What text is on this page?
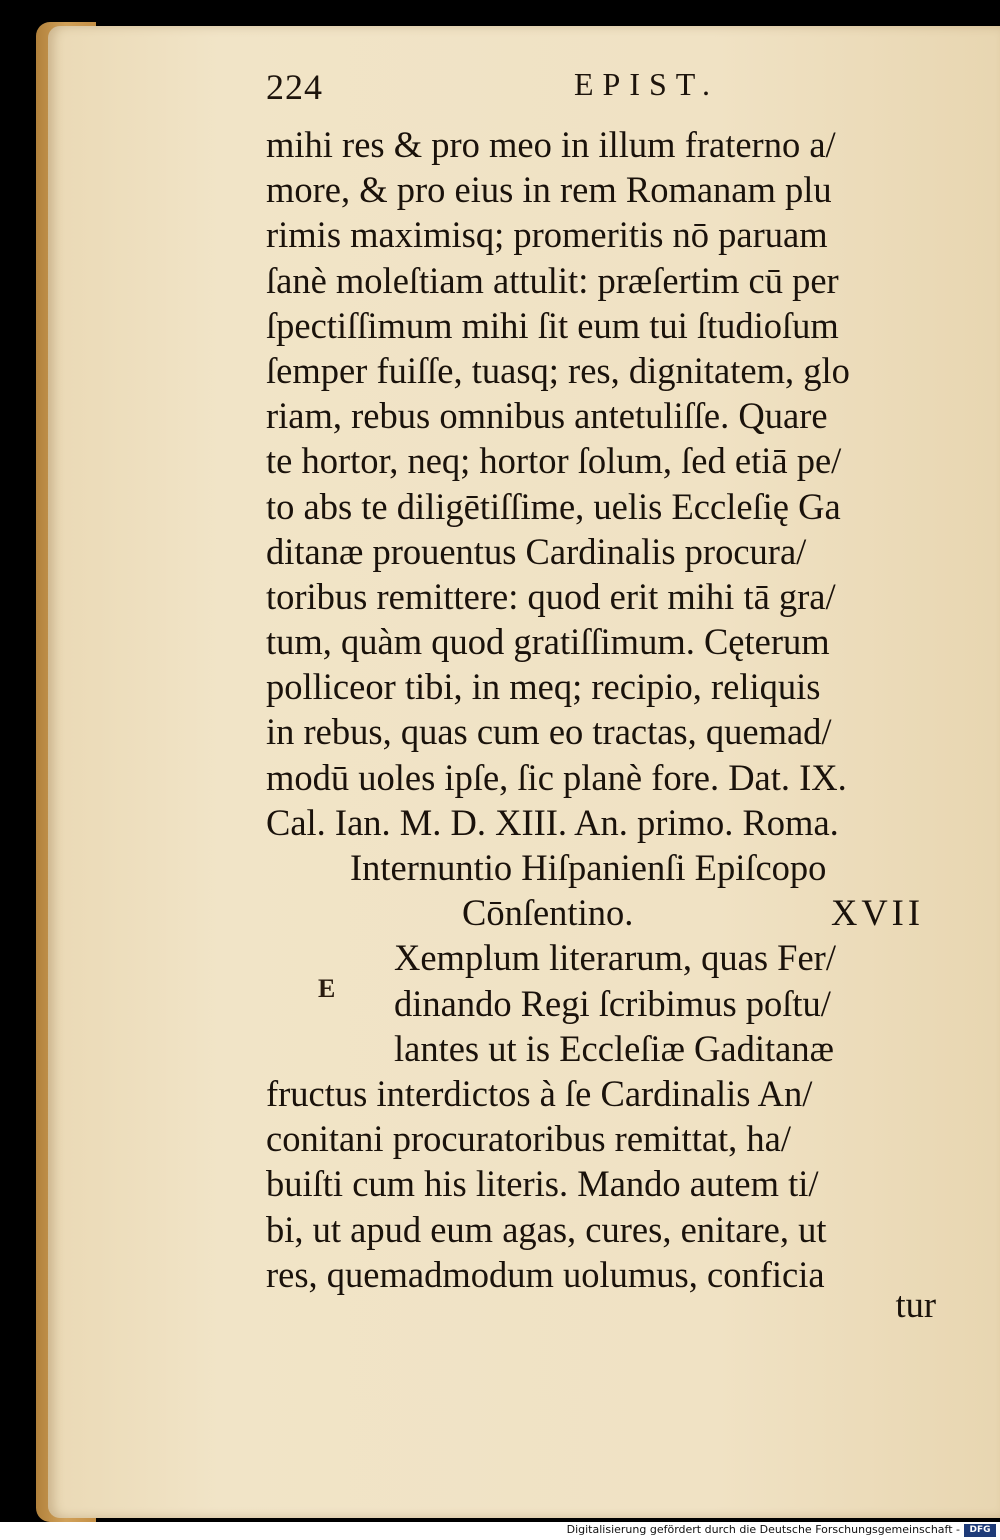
224	EPIST.
mihi res & pro meo in illum fraterno a/
more, & pro eius in rem Romanam plu
rimis maximisq; promeritis nō paruam
ſanè moleſtiam attulit: præſertim cū per
ſpectiſſimum mihi ſit eum tui ſtudioſum
ſemper fuiſſe, tuasq; res, dignitatem, glo
riam, rebus omnibus antetuliſſe. Quare
te hortor, neq; hortor ſolum, ſed etiā pe/
to abs te diligētiſſime, uelis Eccleſię Ga
ditanæ prouentus Cardinalis procura/
toribus remittere: quod erit mihi tā gra/
tum, quàm quod gratiſſimum. Cęterum
polliceor tibi, in meq; recipio, reliquis
in rebus, quas cum eo tractas, quemad/
modū uoles ipſe, ſic planè fore. Dat. IX.
Cal. Ian. M. D. XIII. An. primo. Roma.
Internuntio Hiſpanienſi Epiſcopo
Cōnſentino.	XVII
Xemplum literarum, quas Fer/
dinando Regi ſcribimus poſtu/
lantes ut is Eccleſiæ Gaditanæ
fructus interdictos à ſe Cardinalis An/
conitani procuratoribus remittat, ha/
buiſti cum his literis. Mando autem ti/
bi, ut apud eum agas, cures, enitare, ut
res, quemadmodum uolumus, conficia
E
tur
Digitalisierung gefördert durch die Deutsche Forschungsgemeinschaft -	DFG
